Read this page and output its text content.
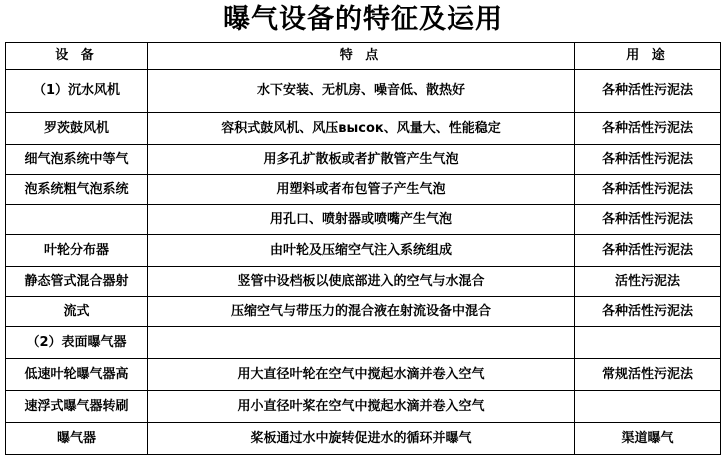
曝气设备的特征及运用
设 备	特 点	用 途
（1）沉水风机	水下安装、无机房、噪音低、散热好	各种活性污泥法
罗茨鼓风机	容积式鼓风机、风压высок、风量大、性能稳定	各种活性污泥法
细气泡系统中等气	用多孔扩散板或者扩散管产生气泡	各种活性污泥法
泡系统粗气泡系统	用塑料或者布包管子产生气泡	各种活性污泥法
	用孔口、喷射器或喷嘴产生气泡	各种活性污泥法
叶轮分布器	由叶轮及压缩空气注入系统组成	各种活性污泥法
静态管式混合器射	竖管中设档板以使底部进入的空气与水混合	活性污泥法
流式	压缩空气与带压力的混合液在射流设备中混合	各种活性污泥法
（2）表面曝气器		
低速叶轮曝气器高	用大直径叶轮在空气中搅起水滴并卷入空气	常规活性污泥法
速浮式曝气器转刷	用小直径叶桨在空气中搅起水滴并卷入空气	
曝气器	桨板通过水中旋转促进水的循环并曝气	渠道曝气
